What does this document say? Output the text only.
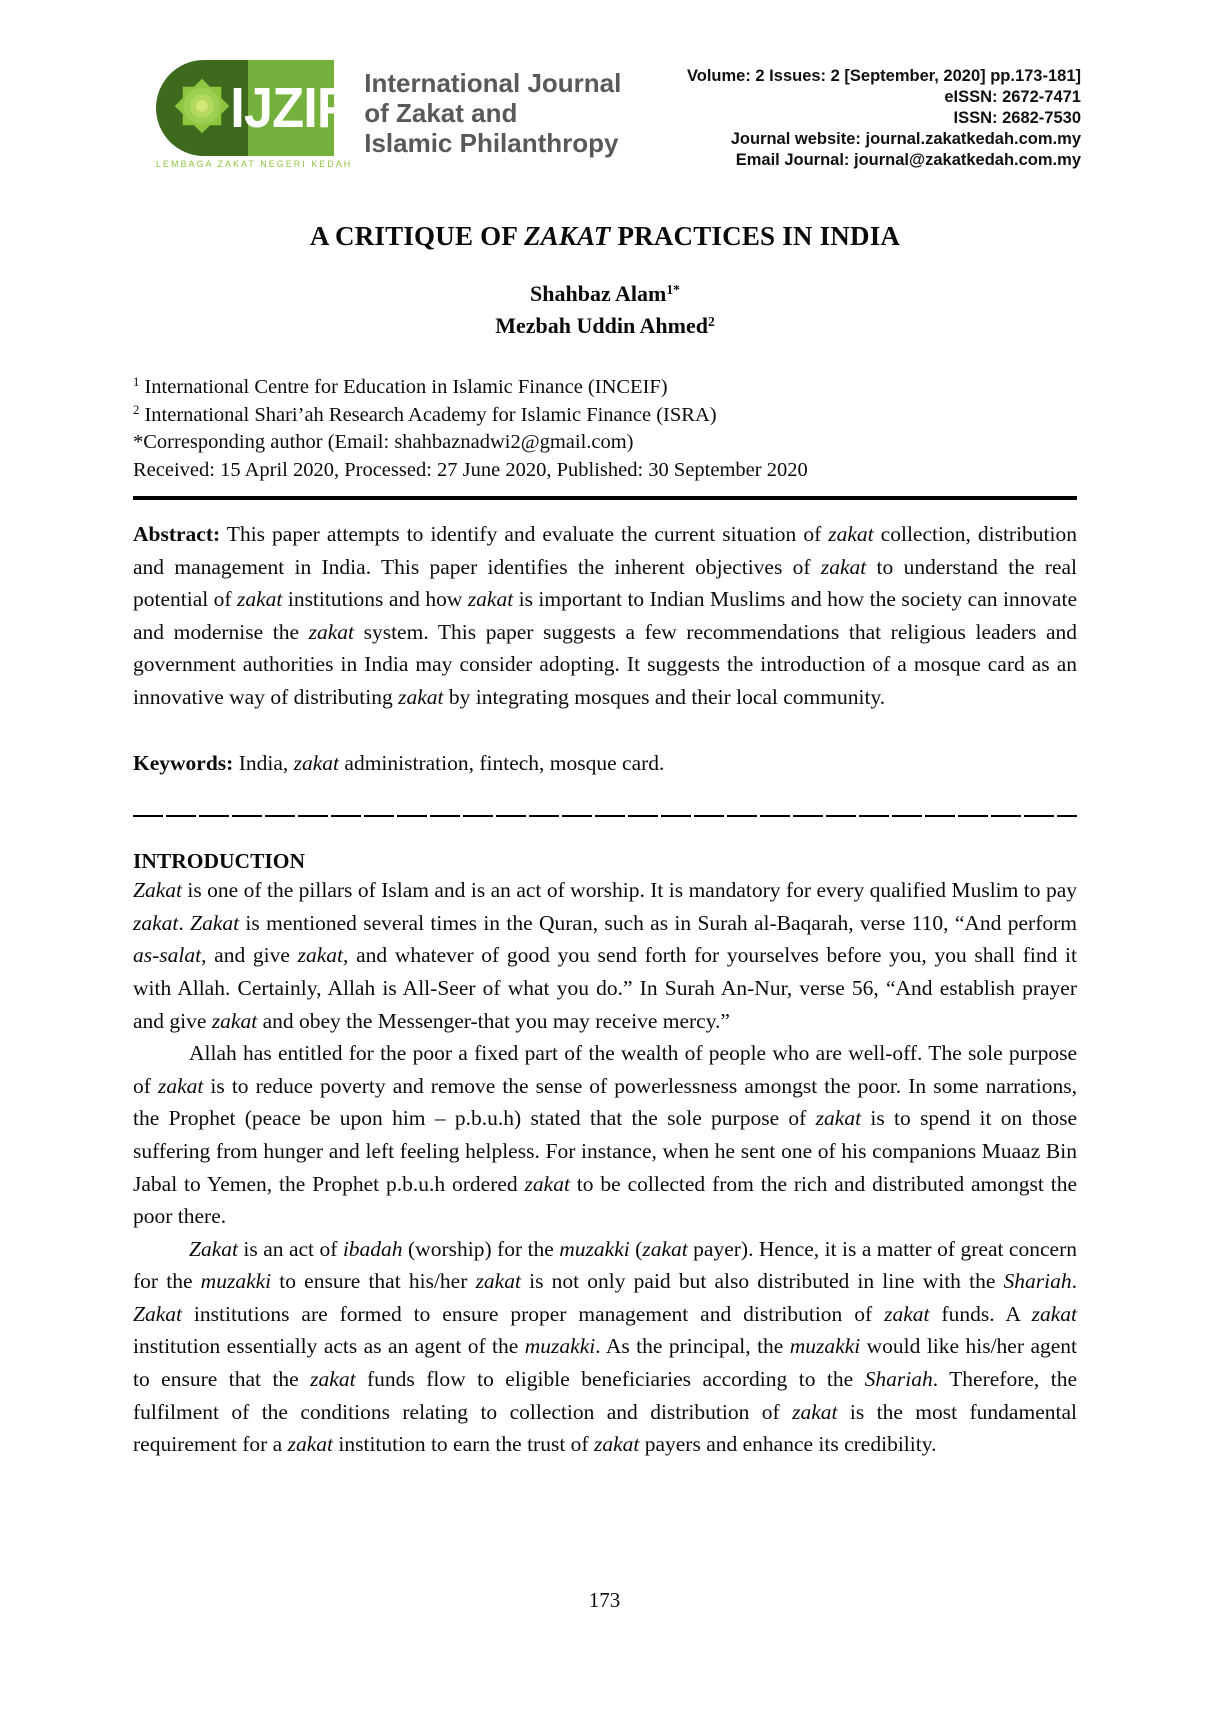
IJZIP
LEMBAGA ZAKAT NEGERI KEDAH
International Journal
of Zakat and
Islamic Philanthropy
Volume: 2 Issues: 2 [September, 2020] pp.173-181]
eISSN: 2672-7471
ISSN: 2682-7530
Journal website: journal.zakatkedah.com.my
Email Journal: journal@zakatkedah.com.my
A CRITIQUE OF ZAKAT PRACTICES IN INDIA
Shahbaz Alam$^{1*}$
Mezbah Uddin Ahmed$^2$
$^1$ International Centre for Education in Islamic Finance (INCEIF)
$^2$ International Shari’ah Research Academy for Islamic Finance (ISRA)
*Corresponding author (Email: shahbaznadwi2@gmail.com)
Received: 15 April 2020, Processed: 27 June 2020, Published: 30 September 2020

Abstract: This paper attempts to identify and evaluate the current situation of zakat collection, distribution and management in India. This paper identifies the inherent objectives of zakat to understand the real potential of zakat institutions and how zakat is important to Indian Muslims and how the society can innovate and modernise the zakat system. This paper suggests a few recommendations that religious leaders and government authorities in India may consider adopting. It suggests the introduction of a mosque card as an innovative way of distributing zakat by integrating mosques and their local community.

Keywords: India, zakat administration, fintech, mosque card.

INTRODUCTION

Zakat is one of the pillars of Islam and is an act of worship. It is mandatory for every qualified Muslim to pay zakat. Zakat is mentioned several times in the Quran, such as in Surah al-Baqarah, verse 110, “And perform as-salat, and give zakat, and whatever of good you send forth for yourselves before you, you shall find it with Allah. Certainly, Allah is All-Seer of what you do.” In Surah An-Nur, verse 56, “And establish prayer and give zakat and obey the Messenger-that you may receive mercy.”

Allah has entitled for the poor a fixed part of the wealth of people who are well-off. The sole purpose of zakat is to reduce poverty and remove the sense of powerlessness amongst the poor. In some narrations, the Prophet (peace be upon him – p.b.u.h) stated that the sole purpose of zakat is to spend it on those suffering from hunger and left feeling helpless. For instance, when he sent one of his companions Muaaz Bin Jabal to Yemen, the Prophet p.b.u.h ordered zakat to be collected from the rich and distributed amongst the poor there.

Zakat is an act of ibadah (worship) for the muzakki (zakat payer). Hence, it is a matter of great concern for the muzakki to ensure that his/her zakat is not only paid but also distributed in line with the Shariah. Zakat institutions are formed to ensure proper management and distribution of zakat funds. A zakat institution essentially acts as an agent of the muzakki. As the principal, the muzakki would like his/her agent to ensure that the zakat funds flow to eligible beneficiaries according to the Shariah. Therefore, the fulfilment of the conditions relating to collection and distribution of zakat is the most fundamental requirement for a zakat institution to earn the trust of zakat payers and enhance its credibility.

173
